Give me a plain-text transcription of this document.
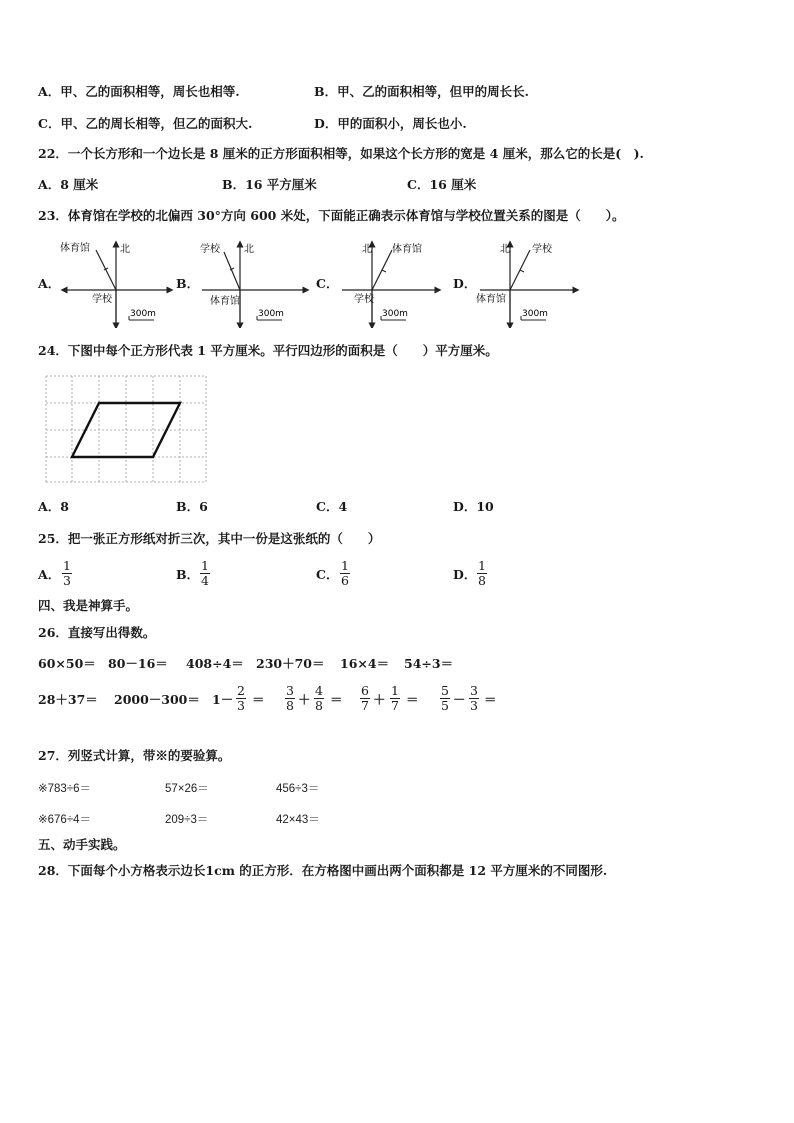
A．甲、乙的面积相等，周长也相等.	B．甲、乙的面积相等，但甲的周长长.
C．甲、乙的周长相等，但乙的面积大.	D．甲的面积小，周长也小.
22．一个长方形和一个边长是 8 厘米的正方形面积相等，如果这个长方形的宽是 4 厘米，那么它的长是(　).
A．8 厘米	B．16 平方厘米	C．16 厘米
23．体育馆在学校的北偏西 30°方向 600 米处，下面能正确表示体育馆与学校位置关系的图是（　　）。
A．	B．	C．	D．
体育馆	北
学校
300m
学校 北
体育馆
300m
北 体育馆
学校
300m
北 学校
体育馆
300m
24．下图中每个正方形代表 1 平方厘米。平行四边形的面积是（　　）平方厘米。
A．8	B．6	C．4	D．10
25．把一张正方形纸对折三次，其中一份是这张纸的（　　）
A． $\frac{1}{3}$	B． $\frac{1}{4}$	C． $\frac{1}{6}$	D． $\frac{1}{8}$
四、我是神算手。
26．直接写出得数。
60×50＝ 80－16＝ 408÷4＝ 230＋70＝ 16×4＝ 54÷3＝
$28+37= 2000-300= 1- \frac{2}{3} = \frac{3}{8} + \frac{4}{8} = \frac{6}{7} + \frac{1}{7} = \frac{5}{5} - \frac{3}{3}$ ＝
27．列竖式计算，带※的要验算。
※783÷6＝	57×26＝	456÷3＝
※676÷4＝	209÷3＝	42×43＝
五、动手实践。
28．下面每个小方格表示边长1cm 的正方形．在方格图中画出两个面积都是 12 平方厘米的不同图形.
